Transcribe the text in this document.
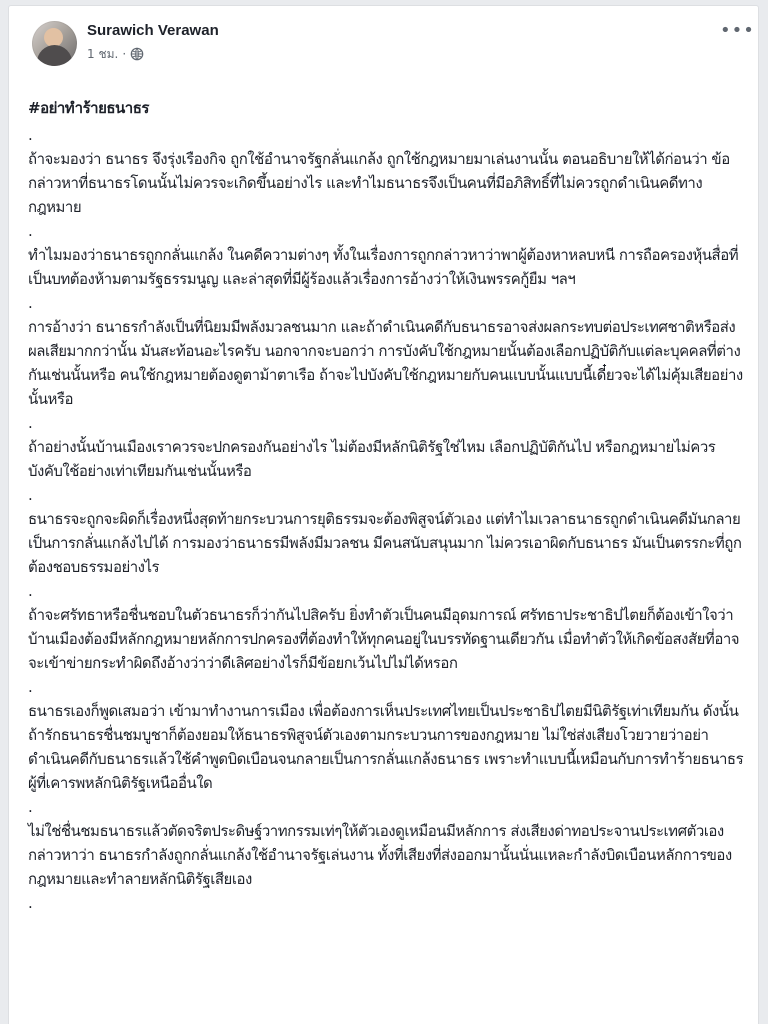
Surawich Verawan
1 ชม. ·
•••
#อย่าทำร้ายธนาธร
.

ถ้าจะมองว่า ธนาธร จึงรุ่งเรืองกิจ ถูกใช้อำนาจรัฐกลั่นแกล้ง ถูกใช้กฎหมายมาเล่นงานนั้น ตอนอธิบายให้ได้ก่อนว่า ข้อกล่าวหาที่ธนาธรโดนนั้นไม่ควรจะเกิดขึ้นอย่างไร และทำไมธนาธรจึงเป็นคนที่มีอภิสิทธิ์ที่ไม่ควรถูกดำเนินคดีทางกฎหมาย

.

ทำไมมองว่าธนาธรถูกกลั่นแกล้ง ในคดีความต่างๆ ทั้งในเรื่องการถูกกล่าวหาว่าพาผู้ต้องหาหลบหนี การถือครองหุ้นสื่อที่เป็นบทต้องห้ามตามรัฐธรรมนูญ และล่าสุดที่มีผู้ร้องแล้วเรื่องการอ้างว่าให้เงินพรรคกู้ยืม ฯลฯ

.

การอ้างว่า ธนาธรกำลังเป็นที่นิยมมีพลังมวลชนมาก และถ้าดำเนินคดีกับธนาธรอาจส่งผลกระทบต่อประเทศชาติหรือส่งผลเสียมากกว่านั้น มันสะท้อนอะไรครับ นอกจากจะบอกว่า การบังคับใช้กฎหมายนั้นต้องเลือกปฏิบัติกับแต่ละบุคคลที่ต่างกันเช่นนั้นหรือ คนใช้กฎหมายต้องดูตาม้าตาเรือ ถ้าจะไปบังคับใช้กฎหมายกับคนแบบนั้นแบบนี้เดี๋ยวจะได้ไม่คุ้มเสียอย่างนั้นหรือ

.

ถ้าอย่างนั้นบ้านเมืองเราควรจะปกครองกันอย่างไร ไม่ต้องมีหลักนิติรัฐใช่ไหม เลือกปฏิบัติกันไป หรือกฎหมายไม่ควรบังคับใช้อย่างเท่าเทียมกันเช่นนั้นหรือ

.

ธนาธรจะถูกจะผิดก็เรื่องหนึ่งสุดท้ายกระบวนการยุติธรรมจะต้องพิสูจน์ตัวเอง แต่ทำไมเวลาธนาธรถูกดำเนินคดีมันกลายเป็นการกลั่นแกล้งไปได้ การมองว่าธนาธรมีพลังมีมวลชน มีคนสนับสนุนมาก ไม่ควรเอาผิดกับธนาธร มันเป็นตรรกะที่ถูกต้องชอบธรรมอย่างไร

.

ถ้าจะศรัทธาหรือชื่นชอบในตัวธนาธรก็ว่ากันไปสิครับ ยิ่งทำตัวเป็นคนมีอุดมการณ์ ศรัทธาประชาธิปไตยก็ต้องเข้าใจว่าบ้านเมืองต้องมีหลักกฎหมายหลักการปกครองที่ต้องทำให้ทุกคนอยู่ในบรรทัดฐานเดียวกัน เมื่อทำตัวให้เกิดข้อสงสัยที่อาจจะเข้าข่ายกระทำผิดถึงอ้างว่าว่าดีเลิศอย่างไรก็มีข้อยกเว้นไปไม่ได้หรอก

.

ธนาธรเองก็พูดเสมอว่า เข้ามาทำงานการเมือง เพื่อต้องการเห็นประเทศไทยเป็นประชาธิปไตยมีนิติรัฐเท่าเทียมกัน ดังนั้นถ้ารักธนาธรชื่นชมบูชาก็ต้องยอมให้ธนาธรพิสูจน์ตัวเองตามกระบวนการของกฎหมาย ไม่ใช่ส่งเสียงโวยวายว่าอย่าดำเนินคดีกับธนาธรแล้วใช้คำพูดบิดเบือนจนกลายเป็นการกลั่นแกล้งธนาธร เพราะทำแบบนี้เหมือนกับการทำร้ายธนาธรผู้ที่เคารพหลักนิติรัฐเหนืออื่นใด

.

ไม่ใช่ชื่นชมธนาธรแล้วตัดจริตประดิษฐ์วาทกรรมเท่ๆให้ตัวเองดูเหมือนมีหลักการ ส่งเสียงด่าทอประจานประเทศตัวเองกล่าวหาว่า ธนาธรกำลังถูกกลั่นแกล้งใช้อำนาจรัฐเล่นงาน ทั้งที่เสียงที่ส่งออกมานั้นนั่นแหละกำลังบิดเบือนหลักการของกฎหมายและทำลายหลักนิติรัฐเสียเอง

.
